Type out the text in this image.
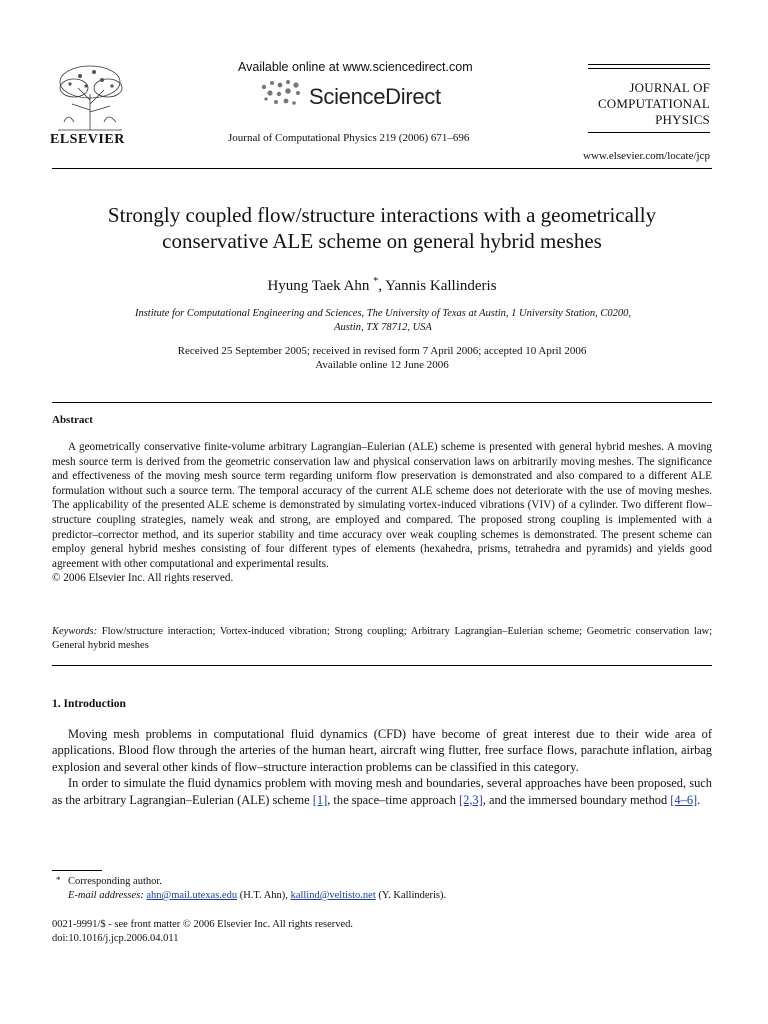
ELSEVIER
Available online at www.sciencedirect.com
ScienceDirect
Journal of Computational Physics 219 (2006) 671–696
JOURNAL OF
COMPUTATIONAL
PHYSICS
www.elsevier.com/locate/jcp
Strongly coupled flow/structure interactions with a geometrically
conservative ALE scheme on general hybrid meshes
Hyung Taek Ahn *, Yannis Kallinderis
Institute for Computational Engineering and Sciences, The University of Texas at Austin, 1 University Station, C0200,
Austin, TX 78712, USA
Received 25 September 2005; received in revised form 7 April 2006; accepted 10 April 2006
Available online 12 June 2006
Abstract

A geometrically conservative finite-volume arbitrary Lagrangian–Eulerian (ALE) scheme is presented with general hybrid meshes. A moving mesh source term is derived from the geometric conservation law and physical conservation laws on arbitrarily moving meshes. The significance and effectiveness of the moving mesh source term regarding uniform flow preservation is demonstrated and also compared to a different ALE formulation without such a source term. The temporal accuracy of the current ALE scheme does not deteriorate with the use of moving meshes. The applicability of the presented ALE scheme is demonstrated by simulating vortex-induced vibrations (VIV) of a cylinder. Two different flow–structure coupling strategies, namely weak and strong, are employed and compared. The proposed strong coupling is implemented with a predictor–corrector method, and its superior stability and time accuracy over weak coupling schemes is demonstrated. The present scheme can employ general hybrid meshes consisting of four different types of elements (hexahedra, prisms, tetrahedra and pyramids) and yields good agreement with other computational and experimental results.

© 2006 Elsevier Inc. All rights reserved.

Keywords: Flow/structure interaction; Vortex-induced vibration; Strong coupling; Arbitrary Lagrangian–Eulerian scheme; Geometric conservation law; General hybrid meshes
1. Introduction

Moving mesh problems in computational fluid dynamics (CFD) have become of great interest due to their wide area of applications. Blood flow through the arteries of the human heart, aircraft wing flutter, free surface flows, parachute inflation, airbag explosion and several other kinds of flow–structure interaction problems can be classified in this category.

In order to simulate the fluid dynamics problem with moving mesh and boundaries, several approaches have been proposed, such as the arbitrary Lagrangian–Eulerian (ALE) scheme [1], the space–time approach [2,3], and the immersed boundary method [4–6].

* Corresponding author.
E-mail addresses: ahn@mail.utexas.edu (H.T. Ahn), kallind@veltisto.net (Y. Kallinderis).
0021-9991/$ - see front matter © 2006 Elsevier Inc. All rights reserved.
doi:10.1016/j.jcp.2006.04.011
